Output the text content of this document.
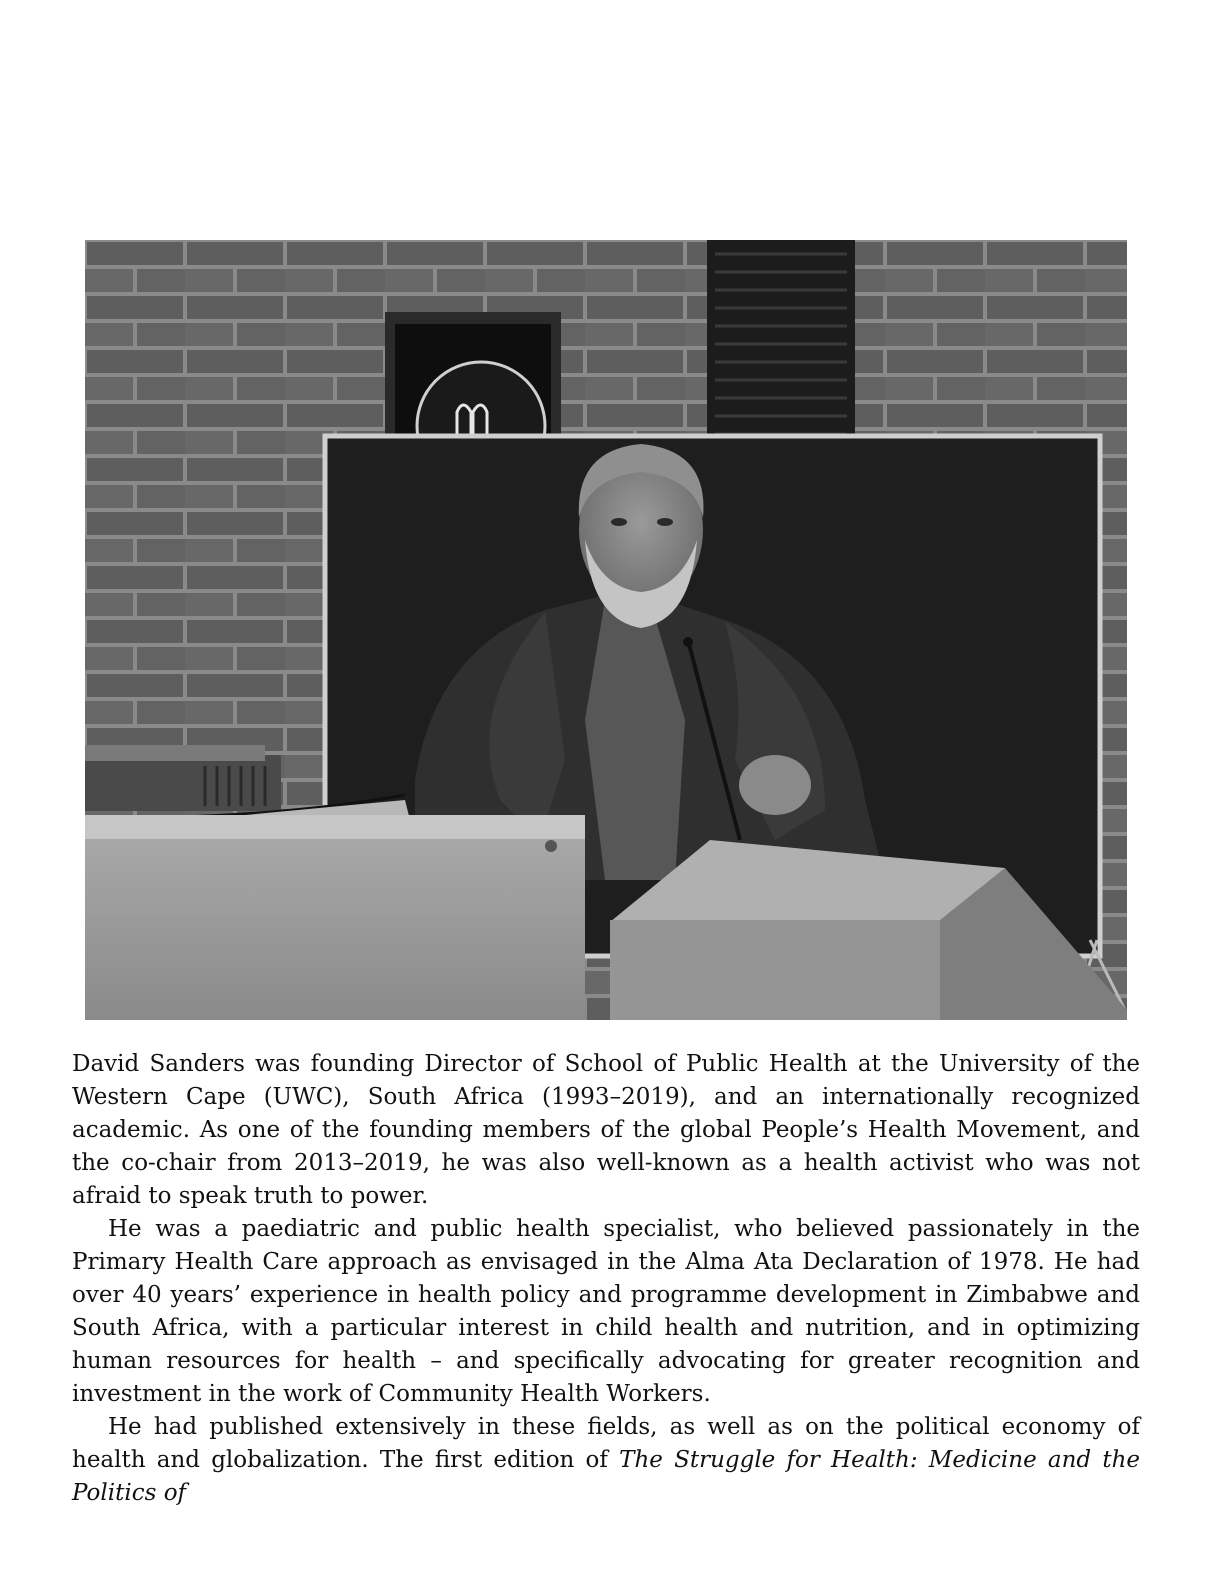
David Sanders was founding Director of School of Public Health at the University of the Western Cape (UWC), South Africa (1993–2019), and an internationally recognized academic. As one of the founding members of the global People’s Health Movement, and the co-chair from 2013–2019, he was also well-known as a health activist who was not afraid to speak truth to power.

He was a paediatric and public health specialist, who believed passionately in the Primary Health Care approach as envisaged in the Alma Ata Declaration of 1978. He had over 40 years’ experience in health policy and programme development in Zimbabwe and South Africa, with a particular interest in child health and nutrition, and in optimizing human resources for health – and specifically advocating for greater recognition and investment in the work of Community Health Workers.

He had published extensively in these fields, as well as on the political economy of health and globalization. The first edition of The Struggle for Health: Medicine and the Politics of
